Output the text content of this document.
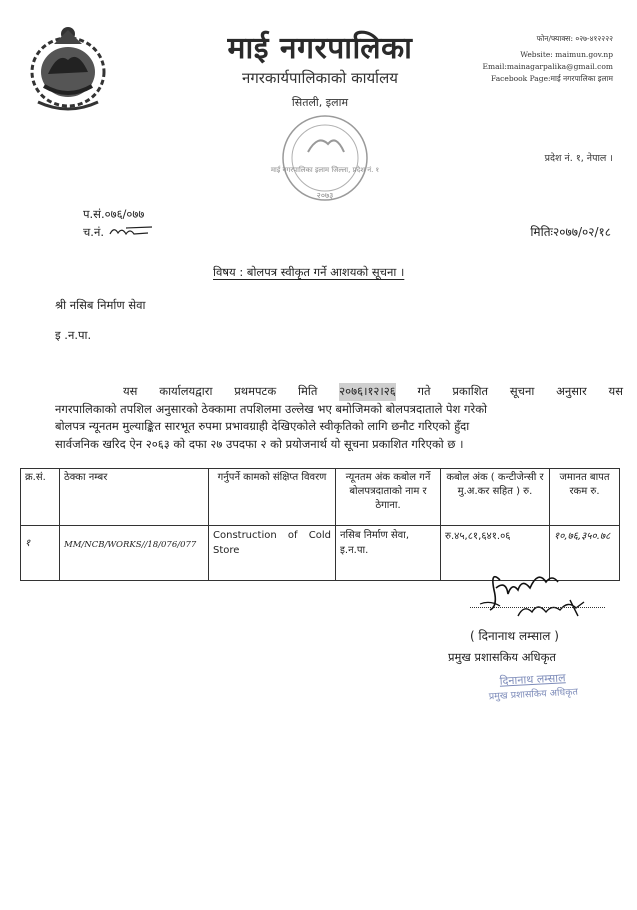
माई नगरपालिका
नगरकार्यपालिकाको कार्यालय
सितली, इलाम
फोन/फ्याक्स: ०२७-४१२२२२
Website: maimun.gov.np
Email:mainagarpalika@gmail.com
Facebook Page:माई नगरपालिका इलाम
माई नगरपालिका इलाम जिल्ला, प्रदेश नं. १
२०७३
प्रदेश नं. १, नेपाल ।
प.सं.०७६/०७७
च.नं.	मितिः२०७७/०२/१८
विषय : बोलपत्र स्वीकृत गर्ने आशयको सूचना ।
श्री नसिब निर्माण सेवा
इ .न.पा.
यस कार्यालयद्वारा प्रथमपटक मिति २०७६।१२।२६ गते प्रकाशित सूचना अनुसार यस
नगरपालिकाको तपशिल अनुसारको ठेक्कामा तपशिलमा उल्लेख भए बमोजिमको बोलपत्रदाताले पेश गरेको
बोलपत्र न्यूनतम मुल्याङ्कित सारभूत रुपमा प्रभावग्राही देखिएकोले स्वीकृतिको लागि छनौट गरिएको हुँदा
सार्वजनिक खरिद ऐन २०६३ को दफा २७ उपदफा २ को प्रयोजनार्थ यो सूचना प्रकाशित गरिएको छ ।
क्र.सं.	ठेक्का नम्बर	गर्नुपर्ने कामको संक्षिप्त विवरण	न्यूनतम अंक कबोल गर्ने बोलपत्रदाताको नाम र ठेगाना.	कबोल अंक ( कन्टीजेन्सी र मु.अ.कर सहित ) रु.	जमानत बापत रकम रु.
१	MM/NCB/WORKS//18/076/077	Construction of Cold Store	नसिब निर्माण सेवा, इ.न.पा.	रु.४५,८१,६४१.०६	१०,७६,३५०.७८
( दिनानाथ लम्साल )
प्रमुख प्रशासकिय अधिकृत
दिनानाथ लम्साल
प्रमुख प्रशासकिय अधिकृत
